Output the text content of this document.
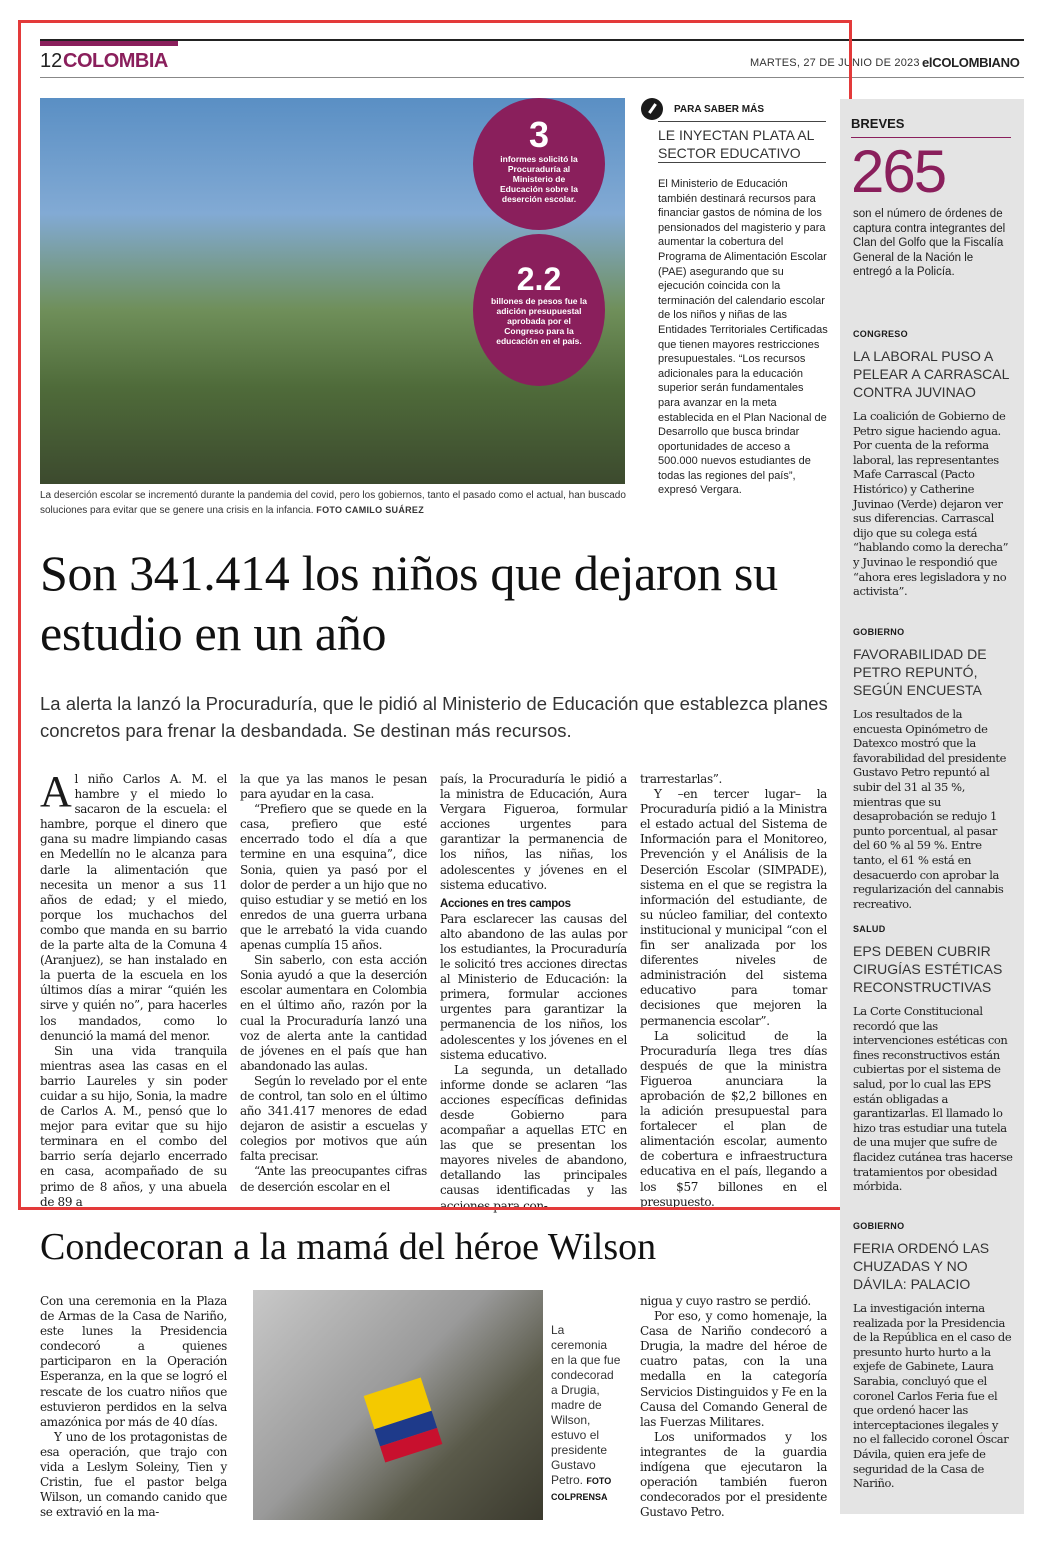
12 COLOMBIA	MARTES, 27 DE JUNIO DE 2023 elCOLOMBIANO
3
informes solicitó la Procuraduría al Ministerio de Educación sobre la deserción escolar.
2.2
billones de pesos fue la adición presupuestal aprobada por el Congreso para la educación en el país.
La deserción escolar se incrementó durante la pandemia del covid, pero los gobiernos, tanto el pasado como el actual, han buscado soluciones para evitar que se genere una crisis en la infancia. FOTO CAMILO SUÁREZ
PARA SABER MÁS
LE INYECTAN PLATA AL SECTOR EDUCATIVO
El Ministerio de Educación también destinará recursos para financiar gastos de nómina de los pensionados del magisterio y para aumentar la cobertura del Programa de Alimentación Escolar (PAE) asegurando que su ejecución coincida con la terminación del calendario escolar de los niños y niñas de las Entidades Territoriales Certificadas que tienen mayores restricciones presupuestales. “Los recursos adicionales para la educación superior serán fundamentales para avanzar en la meta establecida en el Plan Nacional de Desarrollo que busca brindar oportunidades de acceso a 500.000 nuevos estudiantes de todas las regiones del país”, expresó Vergara.
Son 341.414 los niños que dejaron su estudio en un año
La alerta la lanzó la Procuraduría, que le pidió al Ministerio de Educación que establezca planes concretos para frenar la desbandada. Se destinan más recursos.

Al niño Carlos A. M. el hambre y el miedo lo sacaron de la escuela: el hambre, porque el dinero que gana su madre limpiando casas en Medellín no le alcanza para darle la alimentación que necesita un menor a sus 11 años de edad; y el miedo, porque los muchachos del combo que manda en su barrio de la parte alta de la Comuna 4 (Aranjuez), se han instalado en la puerta de la escuela en los últimos días a mirar “quién les sirve y quién no”, para hacerles los mandados, como lo denunció la mamá del menor.

Sin una vida tranquila mientras asea las casas en el barrio Laureles y sin poder cuidar a su hijo, Sonia, la madre de Carlos A. M., pensó que lo mejor para evitar que su hijo terminara en el combo del barrio sería dejarlo encerrado en casa, acompañado de su primo de 8 años, y una abuela de 89 a

la que ya las manos le pesan para ayudar en la casa.

“Prefiero que se quede en la casa, prefiero que esté encerrado todo el día a que termine en una esquina”, dice Sonia, quien ya pasó por el dolor de perder a un hijo que no quiso estudiar y se metió en los enredos de una guerra urbana que le arrebató la vida cuando apenas cumplía 15 años.

Sin saberlo, con esta acción Sonia ayudó a que la deserción escolar aumentara en Colombia en el último año, razón por la cual la Procuraduría lanzó una voz de alerta ante la cantidad de jóvenes en el país que han abandonado las aulas.

Según lo revelado por el ente de control, tan solo en el último año 341.417 menores de edad dejaron de asistir a escuelas y colegios por motivos que aún falta precisar.

“Ante las preocupantes cifras de deserción escolar en el

país, la Procuraduría le pidió a la ministra de Educación, Aura Vergara Figueroa, formular acciones urgentes para garantizar la permanencia de los niños, las niñas, los adolescentes y jóvenes en el sistema educativo.

Acciones en tres campos

Para esclarecer las causas del alto abandono de las aulas por los estudiantes, la Procuraduría le solicitó tres acciones directas al Ministerio de Educación: la primera, formular acciones urgentes para garantizar la permanencia de los niños, los adolescentes y los jóvenes en el sistema educativo.

La segunda, un detallado informe donde se aclaren “las acciones específicas definidas desde Gobierno para acompañar a aquellas ETC en las que se presentan los mayores niveles de abandono, detallando las principales causas identificadas y las acciones para con-

trarrestarlas”.

Y –en tercer lugar– la Procuraduría pidió a la Ministra el estado actual del Sistema de Información para el Monitoreo, Prevención y el Análisis de la Deserción Escolar (SIMPADE), sistema en el que se registra la información del estudiante, de su núcleo familiar, del contexto institucional y municipal “con el fin ser analizada por los diferentes niveles de administración del sistema educativo para tomar decisiones que mejoren la permanencia escolar”.

La solicitud de la Procuraduría llega tres días después de que la ministra Figueroa anunciara la aprobación de $2,2 billones en la adición presupuestal para fortalecer el plan de alimentación escolar, aumento de cobertura e infraestructura educativa en el país, llegando a los $57 billones en el presupuesto.

Condecoran a la mamá del héroe Wilson

Con una ceremonia en la Plaza de Armas de la Casa de Nariño, este lunes la Presidencia condecoró a quienes participaron en la Operación Esperanza, en la que se logró el rescate de los cuatro niños que estuvieron perdidos en la selva amazónica por más de 40 días.

Y uno de los protagonistas de esa operación, que trajo con vida a Leslym Soleiny, Tien y Cristin, fue el pastor belga Wilson, un comando canido que se extravió en la ma-

La ceremonia en la que fue condecorad a Drugia, madre de Wilson, estuvo el presidente Gustavo Petro. FOTO COLPRENSA

nigua y cuyo rastro se perdió.

Por eso, y como homenaje, la Casa de Nariño condecoró a Drugia, la madre del héroe de cuatro patas, con la una medalla en la categoría Servicios Distinguidos y Fe en la Causa del Comando General de las Fuerzas Militares.

Los uniformados y los integrantes de la guardia indígena que ejecutaron la operación también fueron condecorados por el presidente Gustavo Petro.

BREVES
265
son el número de órdenes de captura contra integrantes del Clan del Golfo que la Fiscalía General de la Nación le entregó a la Policía.
CONGRESO
LA LABORAL PUSO A PELEAR A CARRASCAL CONTRA JUVINAO
La coalición de Gobierno de Petro sigue haciendo agua. Por cuenta de la reforma laboral, las representantes Mafe Carrascal (Pacto Histórico) y Catherine Juvinao (Verde) dejaron ver sus diferencias. Carrascal dijo que su colega está “hablando como la derecha” y Juvinao le respondió que “ahora eres legisladora y no activista”.
GOBIERNO
FAVORABILIDAD DE PETRO REPUNTÓ, SEGÚN ENCUESTA
Los resultados de la encuesta Opinómetro de Datexco mostró que la favorabilidad del presidente Gustavo Petro repuntó al subir del 31 al 35 %, mientras que su desaprobación se redujo 1 punto porcentual, al pasar del 60 % al 59 %. Entre tanto, el 61 % está en desacuerdo con aprobar la regularización del cannabis recreativo.
SALUD
EPS DEBEN CUBRIR CIRUGÍAS ESTÉTICAS RECONSTRUCTIVAS
La Corte Constitucional recordó que las intervenciones estéticas con fines reconstructivos están cubiertas por el sistema de salud, por lo cual las EPS están obligadas a garantizarlas. El llamado lo hizo tras estudiar una tutela de una mujer que sufre de flacidez cutánea tras hacerse tratamientos por obesidad mórbida.
GOBIERNO
FERIA ORDENÓ LAS CHUZADAS Y NO DÁVILA: PALACIO
La investigación interna realizada por la Presidencia de la República en el caso de presunto hurto hurto a la exjefe de Gabinete, Laura Sarabia, concluyó que el coronel Carlos Feria fue el que ordenó hacer las interceptaciones ilegales y no el fallecido coronel Óscar Dávila, quien era jefe de seguridad de la Casa de Nariño.
